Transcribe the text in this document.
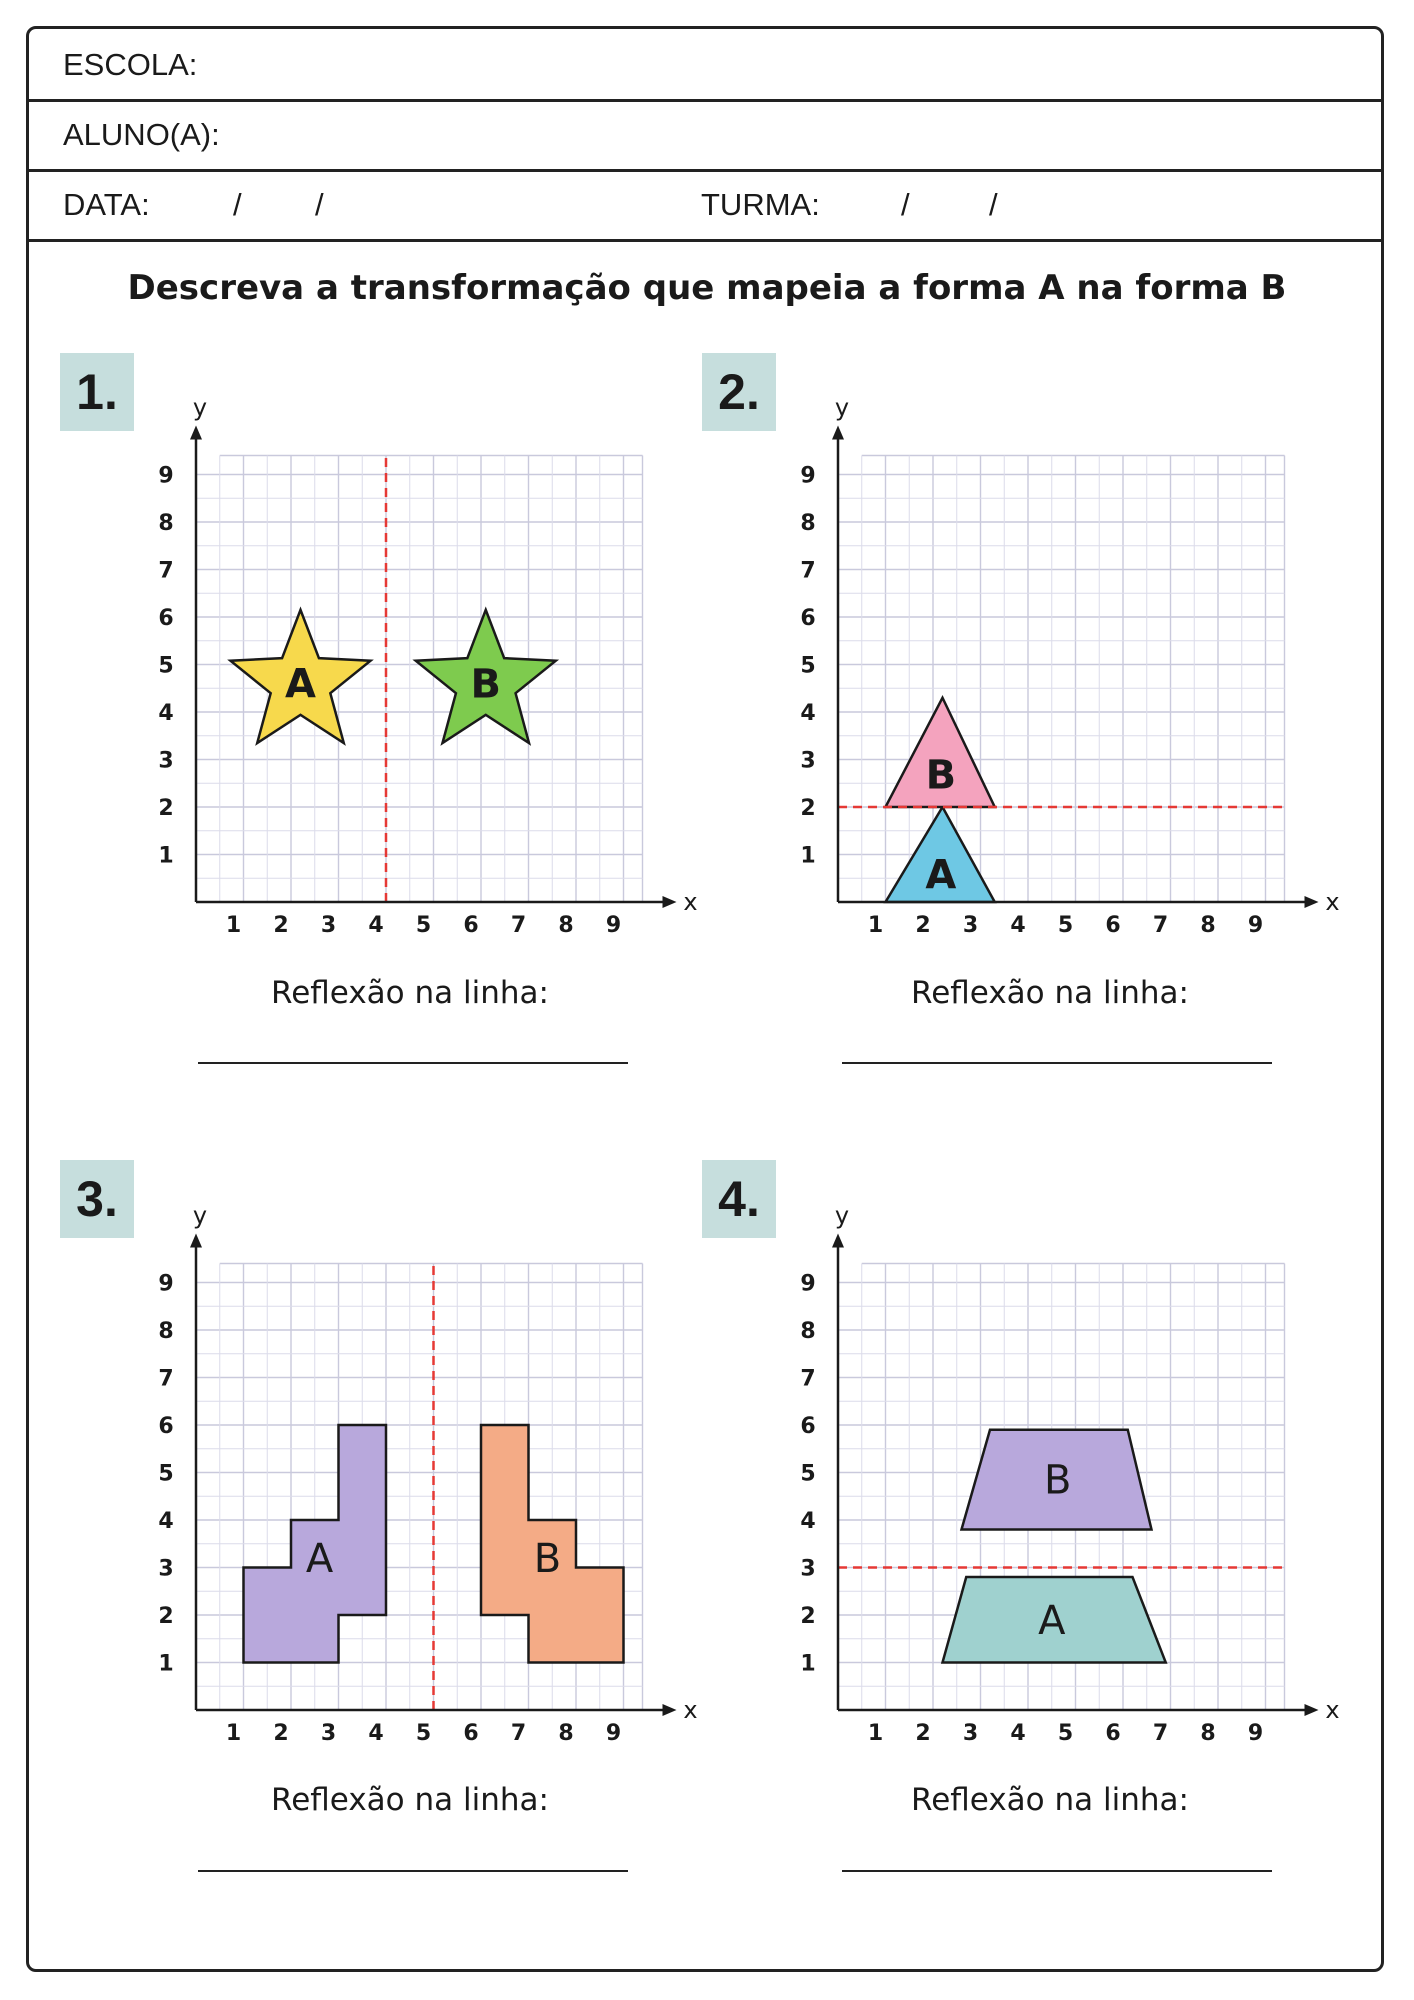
ESCOLA:
ALUNO(A):
DATA:	/ /	TURMA:	/	/
Descreva a transformação que mapeia a forma A na forma B
1.
A	B
x
y
1 2 3 4 5 6 7 8 9
1
2
3
4
5
6
7
8
9
Reflexão na linha:
2.
A
B
x
y
1 2 3 4 5 6 7 8 9
1
2
3
4
5
6
7
8
9
Reflexão na linha:
3.
A	B
x
y
1 2 3 4 5 6 7 8 9
1
2
3
4
5
6
7
8
9
Reflexão na linha:
4.
A
B
x
y
1 2 3 4 5 6 7 8 9
1
2
3
4
5
6
7
8
9
Reflexão na linha:
